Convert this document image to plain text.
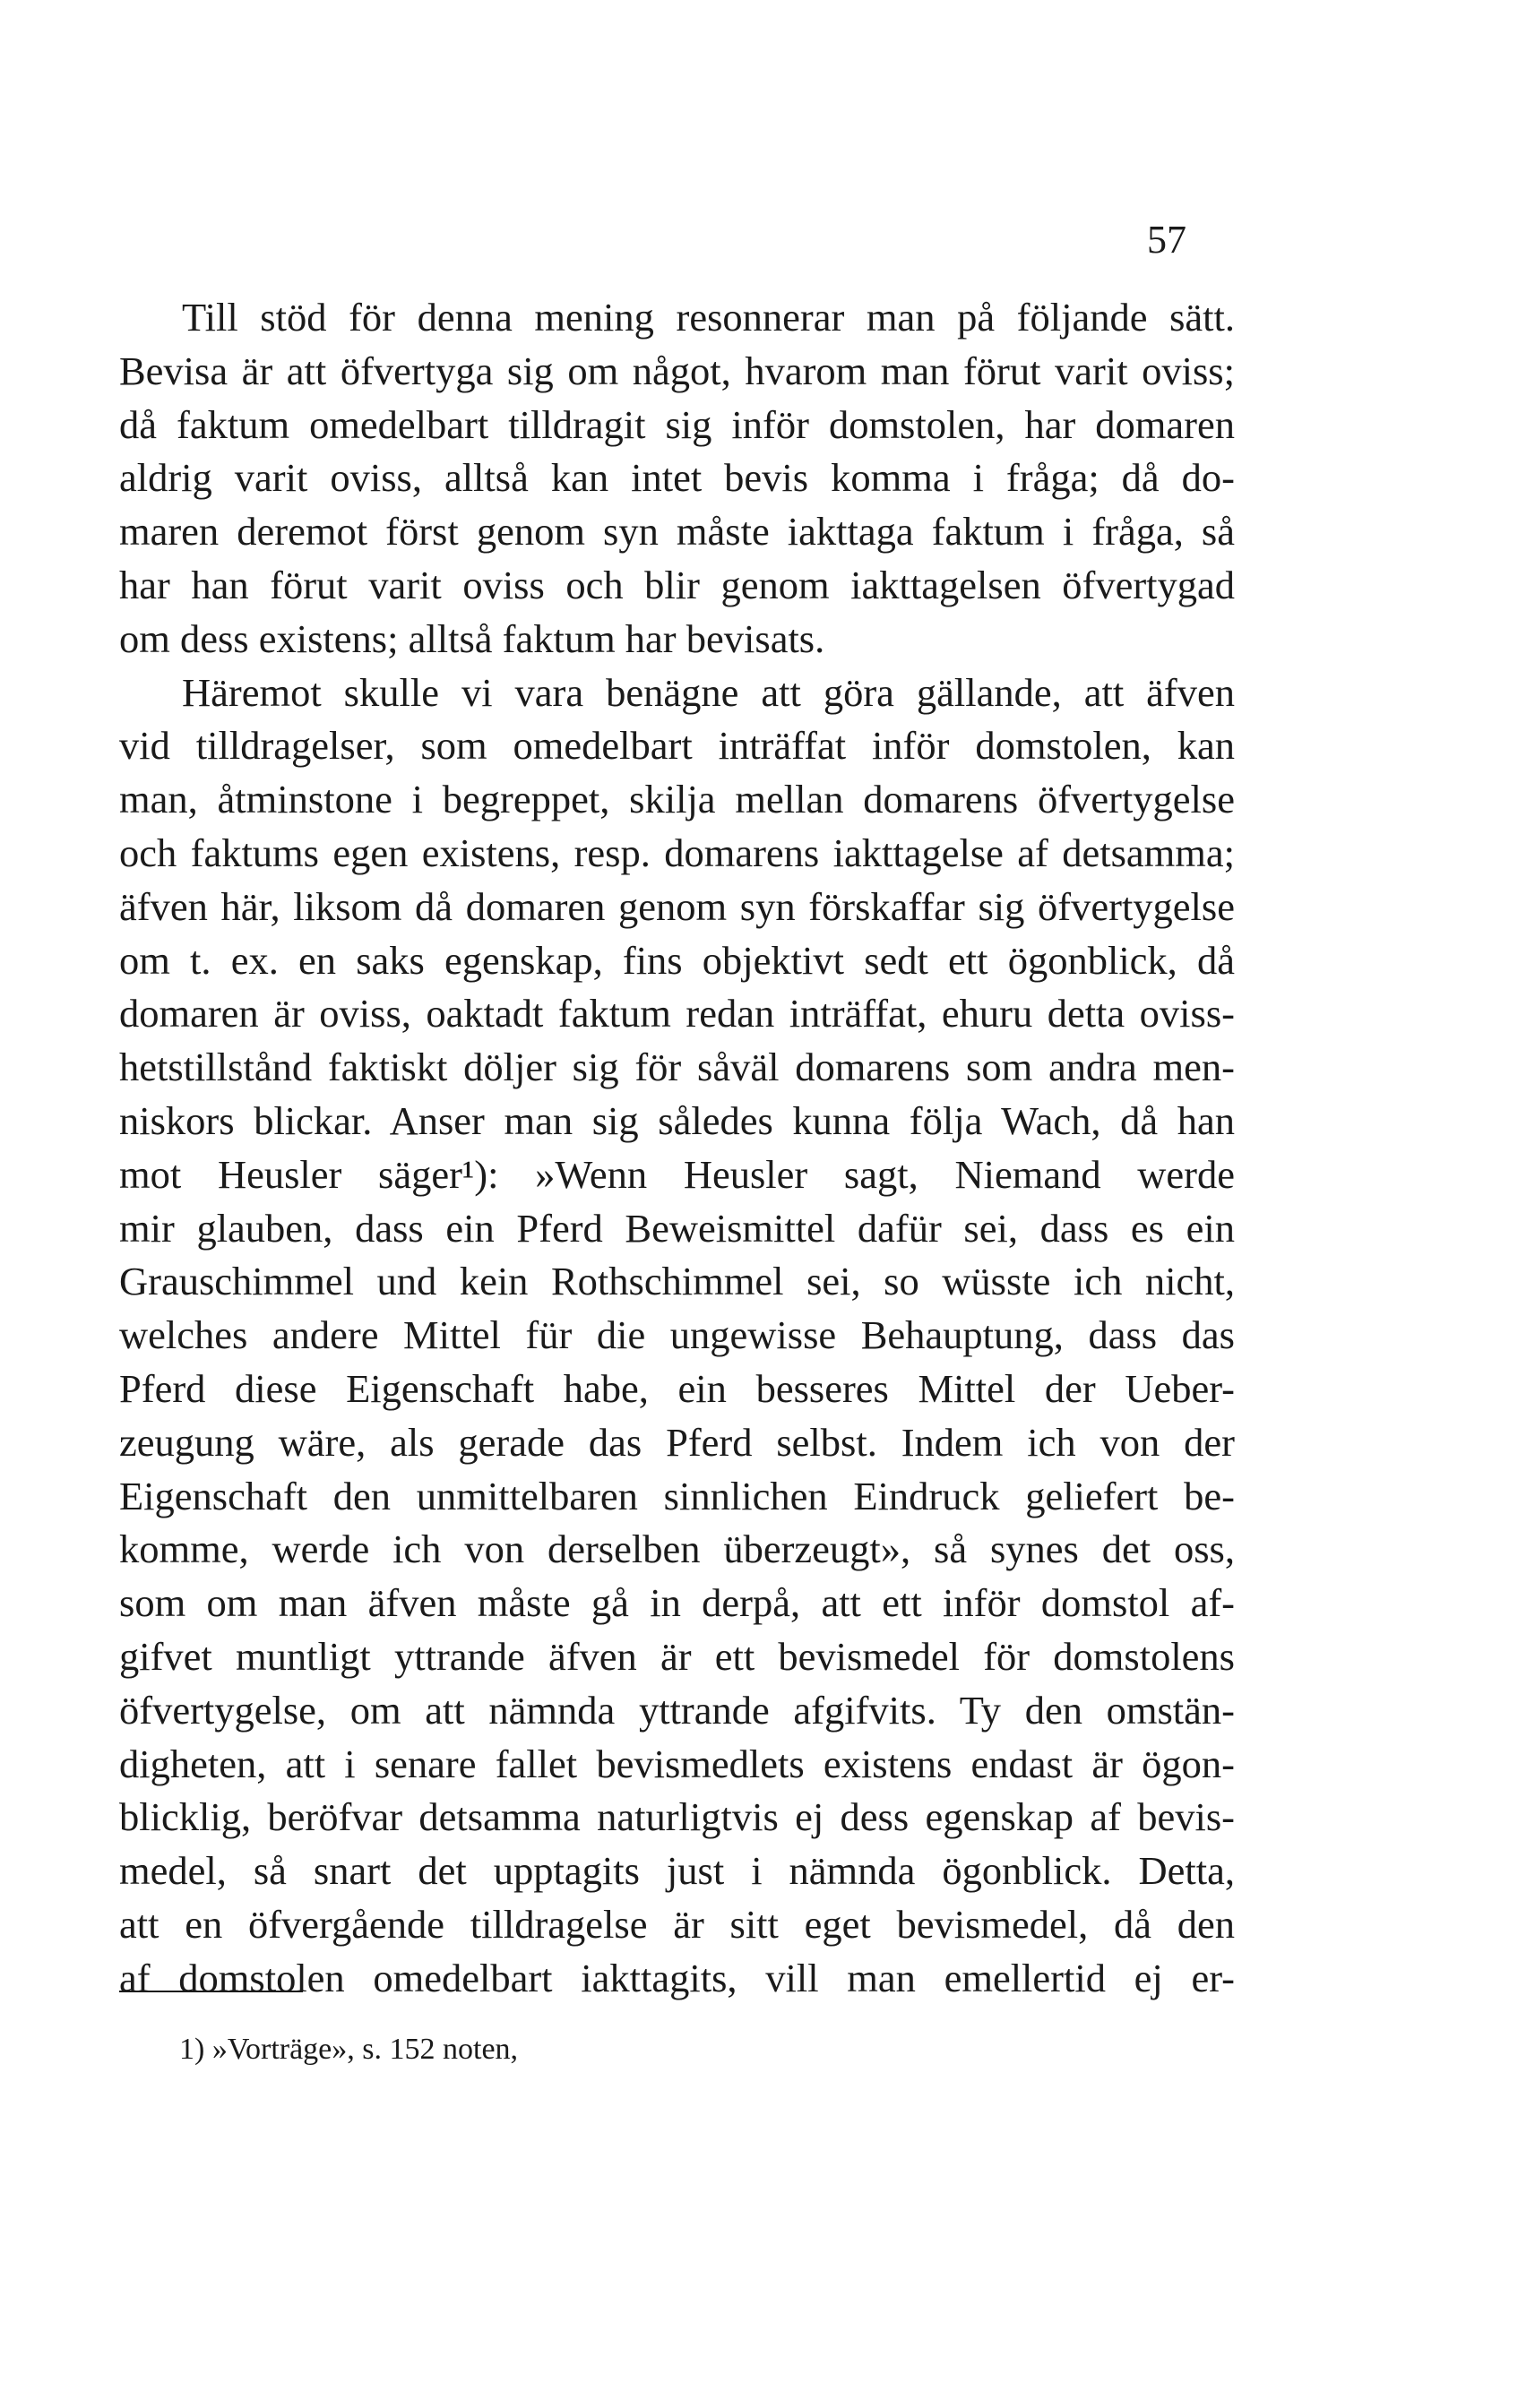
57
Till stöd för denna mening resonnerar man på följande sätt.
Bevisa är att öfvertyga sig om något, hvarom man förut varit oviss;
då faktum omedelbart tilldragit sig inför domstolen, har domaren
aldrig varit oviss, alltså kan intet bevis komma i fråga; då do-
maren deremot först genom syn måste iakttaga faktum i fråga, så
har han förut varit oviss och blir genom iakttagelsen öfvertygad
om dess existens; alltså faktum har bevisats.
Häremot skulle vi vara benägne att göra gällande, att äfven
vid tilldragelser, som omedelbart inträffat inför domstolen, kan
man, åtminstone i begreppet, skilja mellan domarens öfvertygelse
och faktums egen existens, resp. domarens iakttagelse af detsamma;
äfven här, liksom då domaren genom syn förskaffar sig öfvertygelse
om t. ex. en saks egenskap, fins objektivt sedt ett ögonblick, då
domaren är oviss, oaktadt faktum redan inträffat, ehuru detta oviss-
hetstillstånd faktiskt döljer sig för såväl domarens som andra men-
niskors blickar. Anser man sig således kunna följa Wach, då han
mot Heusler säger¹): »Wenn Heusler sagt, Niemand werde
mir glauben, dass ein Pferd Beweismittel dafür sei, dass es ein
Grauschimmel und kein Rothschimmel sei, so wüsste ich nicht,
welches andere Mittel für die ungewisse Behauptung, dass das
Pferd diese Eigenschaft habe, ein besseres Mittel der Ueber-
zeugung wäre, als gerade das Pferd selbst. Indem ich von der
Eigenschaft den unmittelbaren sinnlichen Eindruck geliefert be-
komme, werde ich von derselben überzeugt», så synes det oss,
som om man äfven måste gå in derpå, att ett inför domstol af-
gifvet muntligt yttrande äfven är ett bevismedel för domstolens
öfvertygelse, om att nämnda yttrande afgifvits. Ty den omstän-
digheten, att i senare fallet bevismedlets existens endast är ögon-
blicklig, beröfvar detsamma naturligtvis ej dess egenskap af bevis-
medel, så snart det upptagits just i nämnda ögonblick. Detta,
att en öfvergående tilldragelse är sitt eget bevismedel, då den
af domstolen omedelbart iakttagits, vill man emellertid ej er-
1) »Vorträge», s. 152 noten,
